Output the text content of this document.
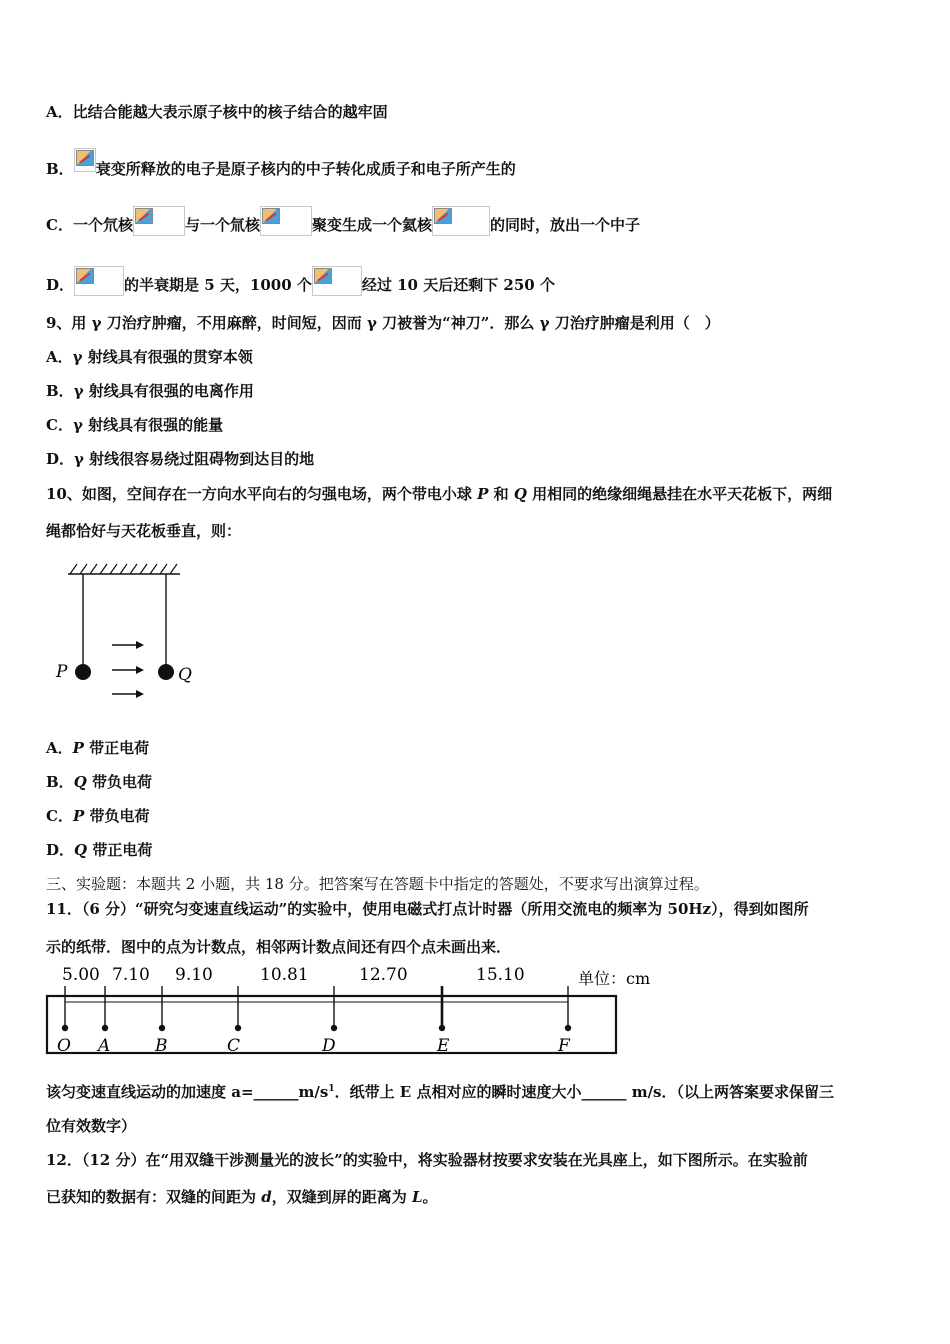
A．比结合能越大表示原子核中的核子结合的越牢固
B． 衰变所释放的电子是原子核内的中子转化成质子和电子所产生的
C．一个氘核	与一个氚核	聚变生成一个氦核	的同时，放出一个中子
D．	的半衰期是 5 天，1000 个	经过 10 天后还剩下 250 个
9、用 γ 刀治疗肿瘤，不用麻醉，时间短，因而 γ 刀被誉为“神刀”．那么 γ 刀治疗肿瘤是利用（　）
A．γ 射线具有很强的贯穿本领
B．γ 射线具有很强的电离作用
C．γ 射线具有很强的能量
D．γ 射线很容易绕过阻碍物到达目的地
10、如图，空间存在一方向水平向右的匀强电场，两个带电小球 P 和 Q 用相同的绝缘细绳悬挂在水平天花板下，两细
绳都恰好与天花板垂直，则：
P	Q
A．P 带正电荷
B．Q 带负电荷
C．P 带负电荷
D．Q 带正电荷
三、实验题：本题共 2 小题，共 18 分。把答案写在答题卡中指定的答题处，不要求写出演算过程。
11．（6 分）“研究匀变速直线运动”的实验中，使用电磁式打点计时器（所用交流电的频率为 50Hz），得到如图所
示的纸带．图中的点为计数点，相邻两计数点间还有四个点未画出来．
5.00 7.10 9.10	10.81	12.70	15.10	单位：cm
O A	B	C	D	E	F
该匀变速直线运动的加速度 $a=\_\_\_\_\_\_m/s^1$．纸带上 E 点相对应的瞬时速度大小______ m/s．（以上两答案要求保留三
位有效数字）
12．（12 分）在“用双缝干涉测量光的波长”的实验中，将实验器材按要求安装在光具座上，如下图所示。在实验前
已获知的数据有：双缝的间距为 d，双缝到屏的距离为 L。
